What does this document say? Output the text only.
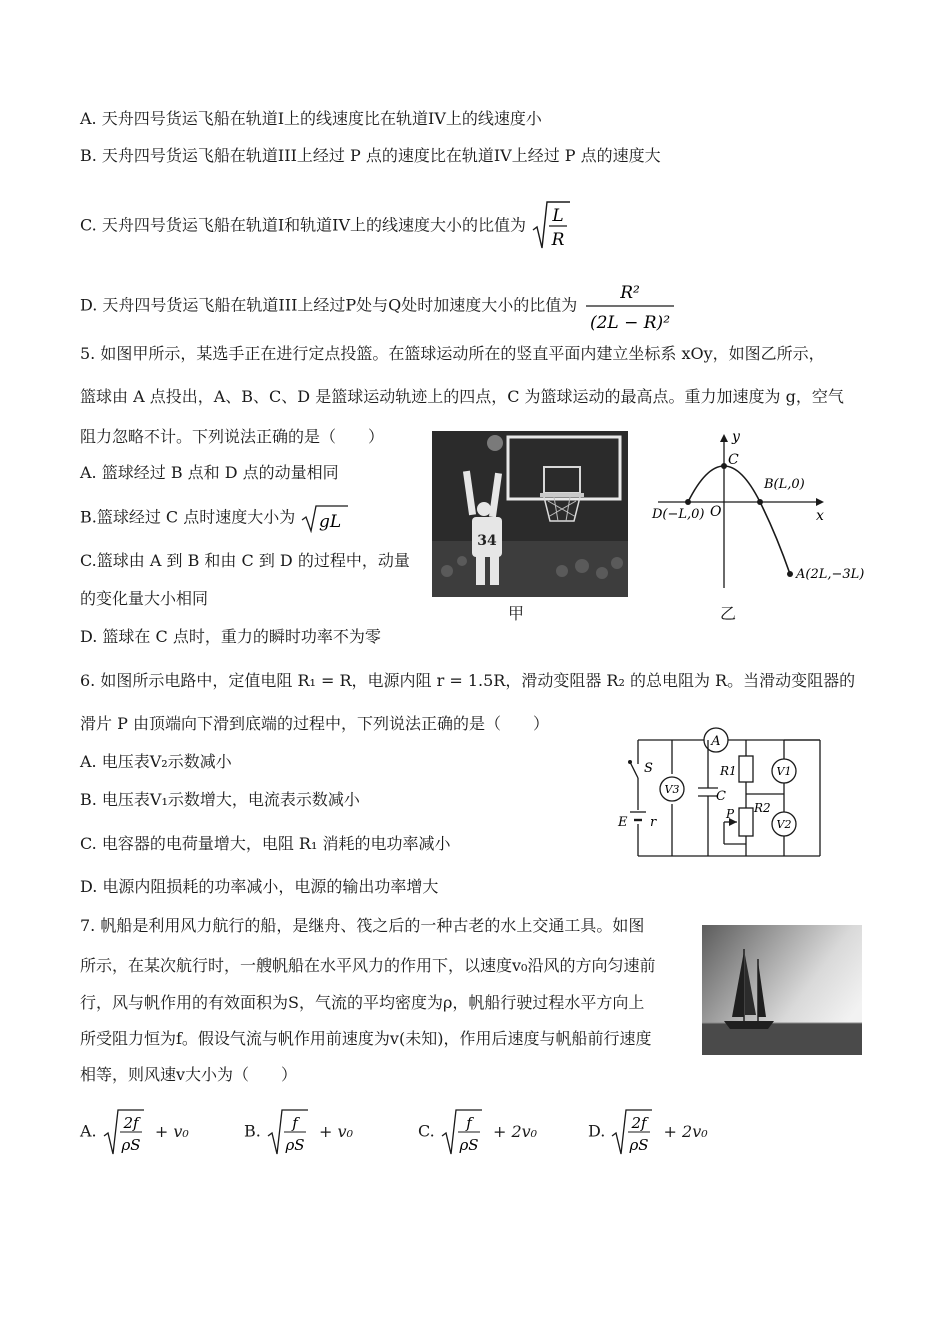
A. 天舟四号货运飞船在轨道I上的线速度比在轨道IV上的线速度小
B. 天舟四号货运飞船在轨道III上经过 P 点的速度比在轨道IV上经过 P 点的速度大
C. 天舟四号货运飞船在轨道I和轨道IV上的线速度大小的比值为 L
R
D. 天舟四号货运飞船在轨道III上经过P处与Q处时加速度大小的比值为
R²
(2L − R)²
5. 如图甲所示，某选手正在进行定点投篮。在篮球运动所在的竖直平面内建立坐标系 xOy，如图乙所示，
篮球由 A 点投出，A、B、C、D 是篮球运动轨迹上的四点，C 为篮球运动的最高点。重力加速度为 g，空气
阻力忽略不计。下列说法正确的是（　　）
A. 篮球经过 B 点和 D 点的动量相同
B.篮球经过 C 点时速度大小为 gL
C.篮球由 A 到 B 和由 C 到 D 的过程中，动量
的变化量大小相同
D. 篮球在 C 点时，重力的瞬时功率不为零
34
甲
y
x
O
C
B(L,0)
D(−L,0)
A(2L,−3L)
乙
6. 如图所示电路中，定值电阻 R₁ = R，电源内阻 r = 1.5R，滑动变阻器 R₂ 的总电阻为 R。当滑动变阻器的
滑片 P 由顶端向下滑到底端的过程中，下列说法正确的是（　　）
A. 电压表V₂示数减小
B. 电压表V₁示数增大，电流表示数减小
C. 电容器的电荷量增大，电阻 R₁ 消耗的电功率减小
D. 电源内阻损耗的功率减小，电源的输出功率增大
A
S
E r
V3	C
R1
R2
P
V1
V2
7. 帆船是利用风力航行的船，是继舟、筏之后的一种古老的水上交通工具。如图
所示，在某次航行时，一艘帆船在水平风力的作用下，以速度v₀沿风的方向匀速前
行，风与帆作用的有效面积为S，气流的平均密度为ρ，帆船行驶过程水平方向上
所受阻力恒为f。假设气流与帆作用前速度为v(未知)，作用后速度与帆船前行速度
相等，则风速v大小为（　　）
A. 2f
ρS
+ v₀	B. f
ρS
+ v₀	C. f
ρS
+ 2v₀	D. 2f
ρS
+ 2v₀
